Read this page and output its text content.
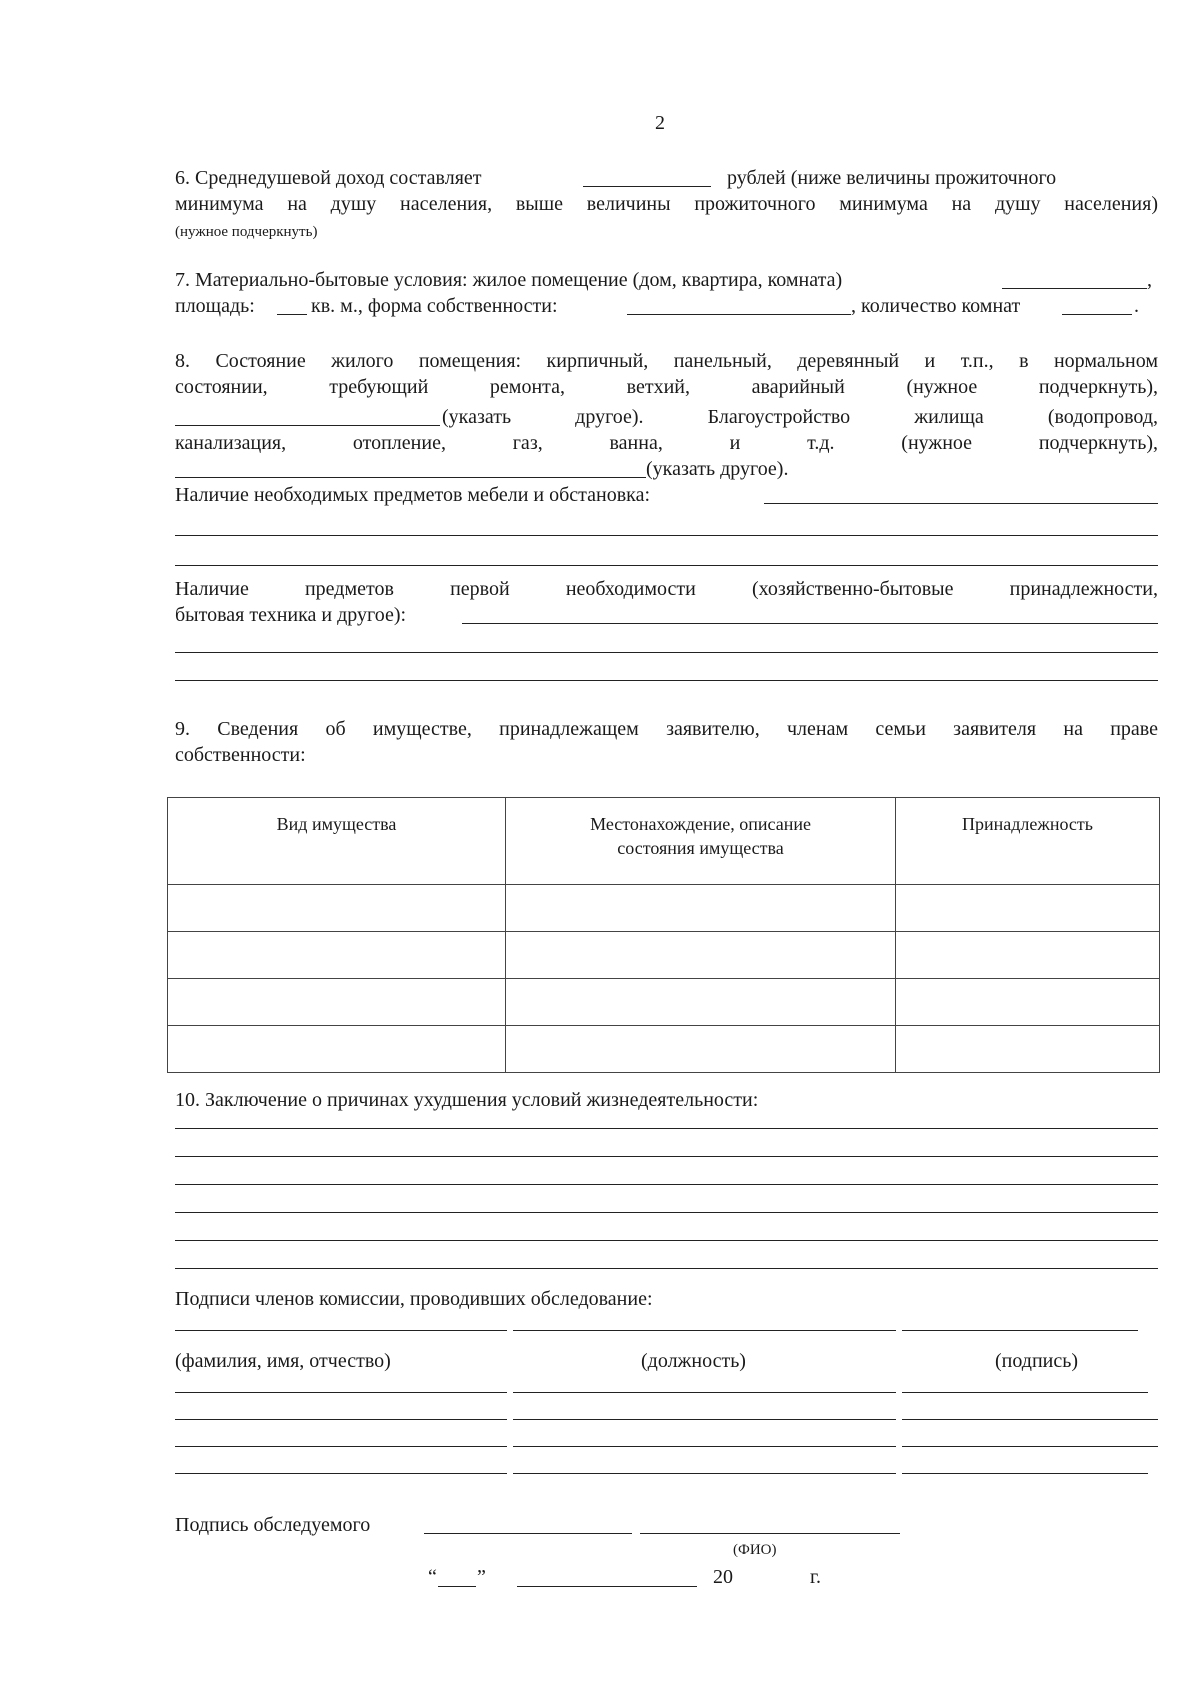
2
6. Среднедушевой доход составляет	рублей (ниже величины прожиточного
минимума на душу населения, выше величины прожиточного минимума на душу населения)
(нужное подчеркнуть)
7. Материально-бытовые условия: жилое помещение (дом, квартира, комната)	,
площадь:	кв. м., форма собственности:	, количество комнат	.
8. Состояние жилого помещения: кирпичный, панельный, деревянный и т.п., в нормальном
состоянии, требующий ремонта, ветхий, аварийный (нужное подчеркнуть),
(указать другое). Благоустройство жилища (водопровод,
канализация, отопление, газ, ванна, и т.д. (нужное подчеркнуть),
(указать другое).
Наличие необходимых предметов мебели и обстановка:
Наличие предметов первой необходимости (хозяйственно-бытовые принадлежности,
бытовая техника и другое):
9. Сведения об имуществе, принадлежащем заявителю, членам семьи заявителя на праве
собственности:
Вид имущества	Местонахождение, описание состояния имущества	Принадлежность

10. Заключение о причинах ухудшения условий жизнедеятельности:
Подписи членов комиссии, проводивших обследование:
(фамилия, имя, отчество)	(должность)	(подпись)
Подпись обследуемого
(ФИО)
“ ”	20	г.
